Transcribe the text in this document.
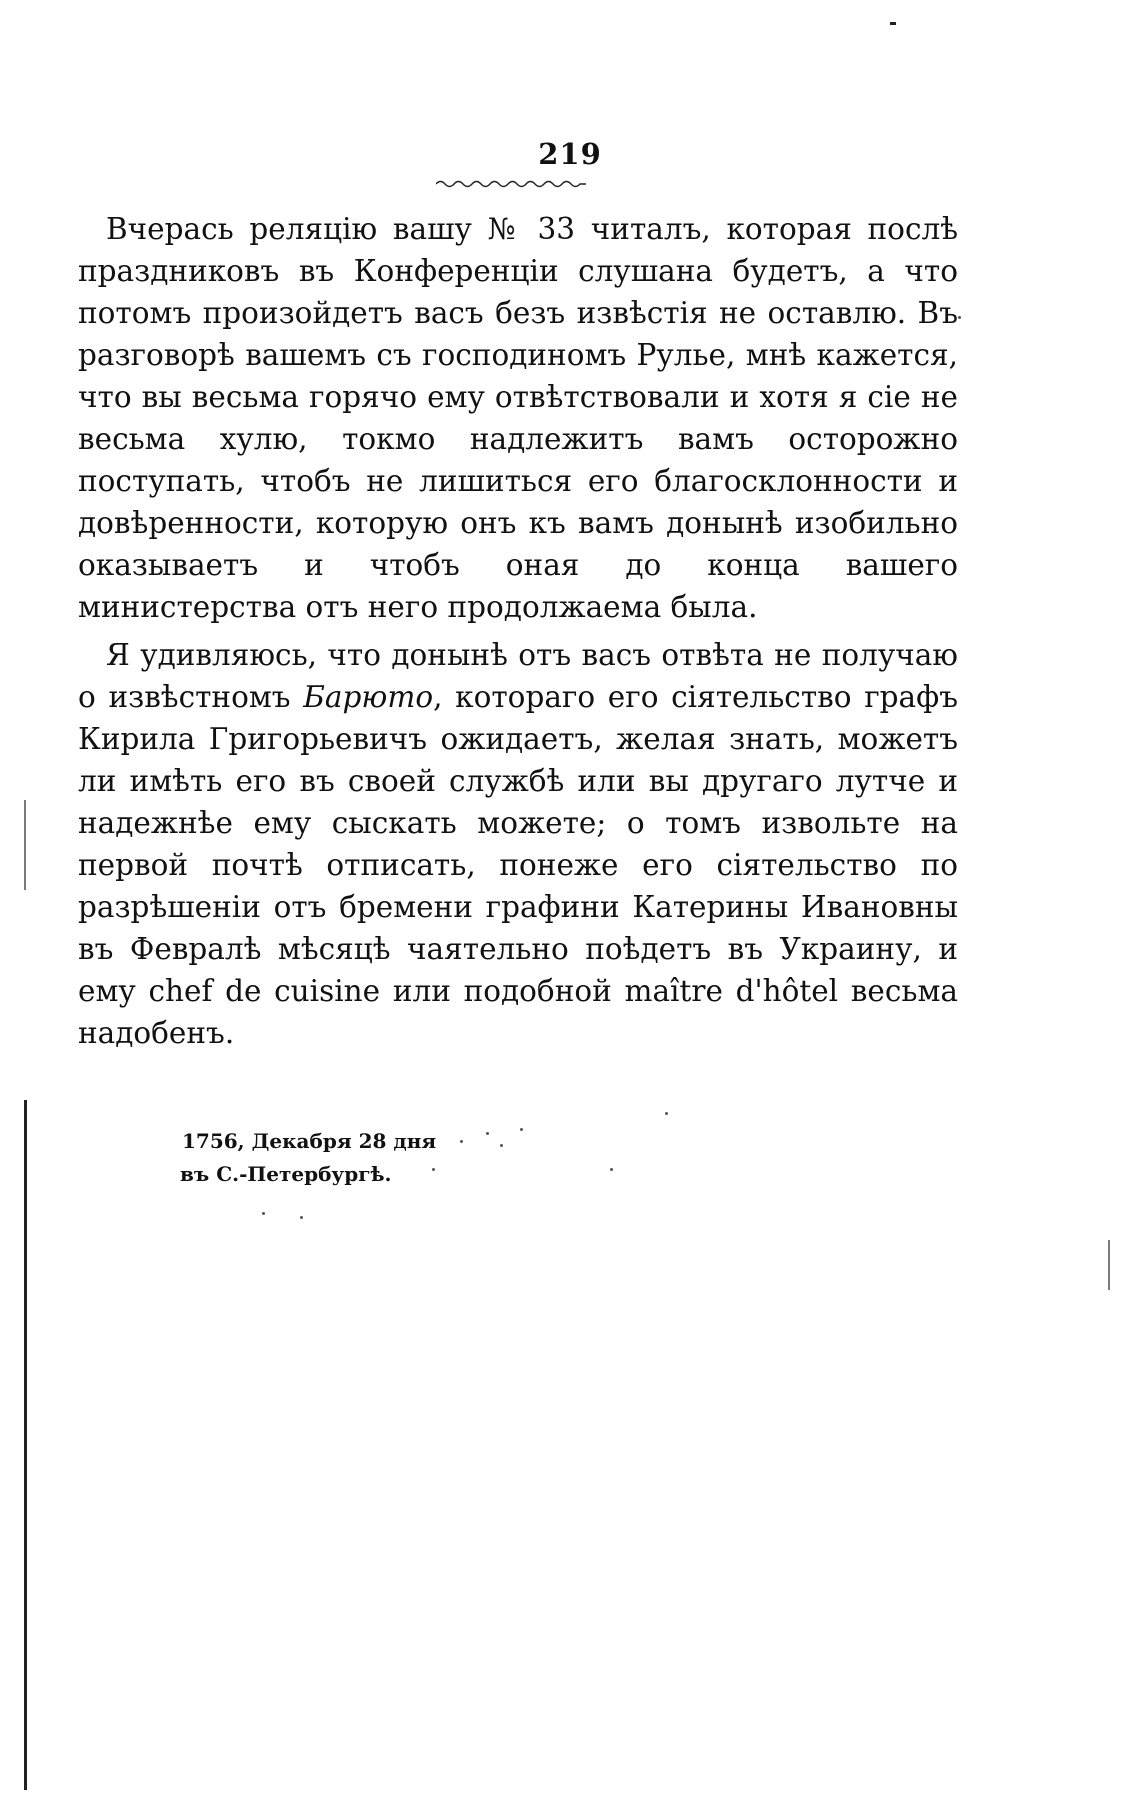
219

Вчерась реляцію вашу № 33 читалъ, которая послѣ праздниковъ въ Конференціи слушана будетъ, а что потомъ произойдетъ васъ безъ извѣстія не оставлю. Въ разговорѣ вашемъ съ господиномъ Рулье, мнѣ кажется, что вы весьма горячо ему отвѣтствовали и хотя я сіе не весьма хулю, токмо надлежитъ вамъ осторожно поступать, чтобъ не лишиться его благосклонности и довѣренности, которую онъ къ вамъ донынѣ изобильно оказываетъ и чтобъ оная до конца вашего министерства отъ него продолжаема была.

Я удивляюсь, что донынѣ отъ васъ отвѣта не получаю о извѣстномъ Барюто, котораго его сіятельство графъ Кирила Григорьевичъ ожидаетъ, желая знать, можетъ ли имѣть его въ своей службѣ или вы другаго лутче и надежнѣе ему сыскать можете; о томъ извольте на первой почтѣ отписать, понеже его сіятельство по разрѣшеніи отъ бремени графини Катерины Ивановны въ Февралѣ мѣсяцѣ чаятельно поѣдетъ въ Украину, и ему chef de cuisine или подобной maître d'hôtel весьма надобенъ.

1756, Декабря 28 дня
въ С.-Петербургѣ.
